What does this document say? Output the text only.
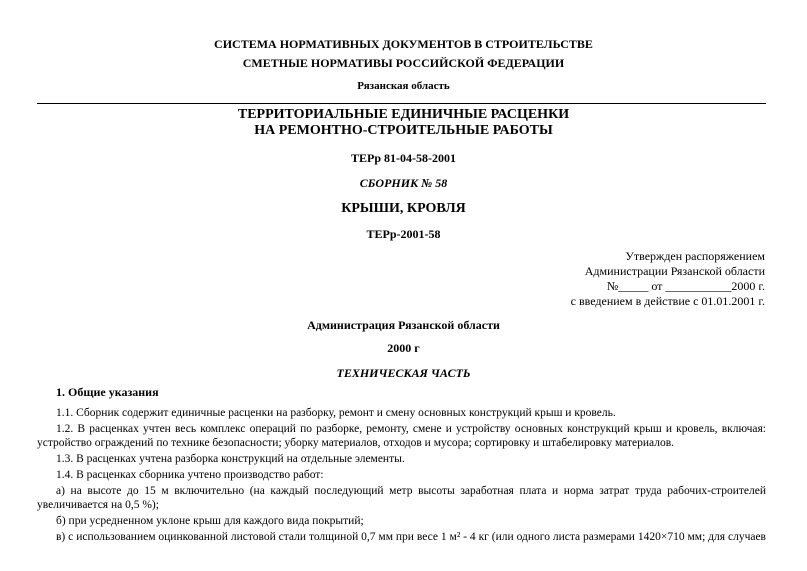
СИСТЕМА НОРМАТИВНЫХ ДОКУМЕНТОВ В СТРОИТЕЛЬСТВЕ
СМЕТНЫЕ НОРМАТИВЫ РОССИЙСКОЙ ФЕДЕРАЦИИ
Рязанская область
ТЕРРИТОРИАЛЬНЫЕ ЕДИНИЧНЫЕ РАСЦЕНКИ
НА РЕМОНТНО-СТРОИТЕЛЬНЫЕ РАБОТЫ
ТЕРр 81-04-58-2001
СБОРНИК № 58
КРЫШИ, КРОВЛЯ
ТЕРр-2001-58
Утвержден распоряжением
Администрации Рязанской области
№_____ от ___________2000 г.
с введением в действие с 01.01.2001 г.
Администрация Рязанской области
2000 г
ТЕХНИЧЕСКАЯ ЧАСТЬ
1. Общие указания

1.1. Сборник содержит единичные расценки на разборку, ремонт и смену основных конструкций крыш и кровель.

1.2. В расценках учтен весь комплекс операций по разборке, ремонту, смене и устройству основных конструкций крыш и кровель, включая: устройство ограждений по технике безопасности; уборку материалов, отходов и мусора; сортировку и штабелировку материалов.

1.3. В расценках учтена разборка конструкций на отдельные элементы.

1.4. В расценках сборника учтено производство работ:

а) на высоте до 15 м включительно (на каждый последующий метр высоты заработная плата и норма затрат труда рабочих-строителей увеличивается на 0,5 %);

б) при усредненном уклоне крыш для каждого вида покрытий;

в) с использованием оцинкованной листовой стали толщиной 0,7 мм при весе 1 м² - 4 кг (или одного листа размерами 1420×710 мм; для случаев
